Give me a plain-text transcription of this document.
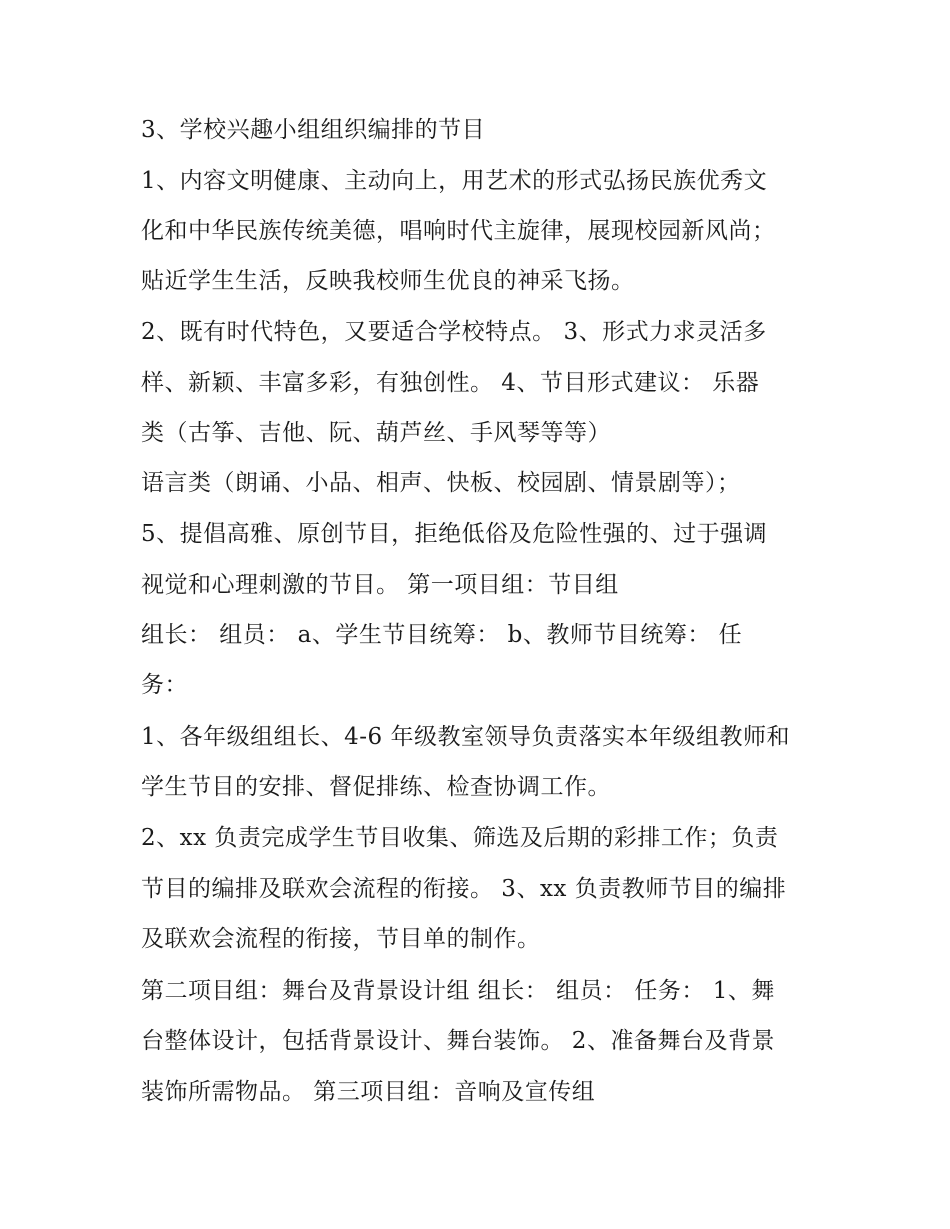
3、学校兴趣小组组织编排的节目
1、内容文明健康、主动向上，用艺术的形式弘扬民族优秀文
化和中华民族传统美德，唱响时代主旋律，展现校园新风尚；
贴近学生生活，反映我校师生优良的神采飞扬。
2、既有时代特色，又要适合学校特点。 3、形式力求灵活多
样、新颖、丰富多彩，有独创性。 4、节目形式建议： 乐器
类（古筝、吉他、阮、葫芦丝、手风琴等等）
语言类（朗诵、小品、相声、快板、校园剧、情景剧等）；
5、提倡高雅、原创节目，拒绝低俗及危险性强的、过于强调
视觉和心理刺激的节目。 第一项目组：节目组
组长： 组员： a、学生节目统筹： b、教师节目统筹： 任
务：
1、各年级组组长、4-6 年级教室领导负责落实本年级组教师和
学生节目的安排、督促排练、检查协调工作。
2、xx 负责完成学生节目收集、筛选及后期的彩排工作；负责
节目的编排及联欢会流程的衔接。 3、xx 负责教师节目的编排
及联欢会流程的衔接，节目单的制作。
第二项目组：舞台及背景设计组 组长： 组员： 任务： 1、舞
台整体设计，包括背景设计、舞台装饰。 2、准备舞台及背景
装饰所需物品。 第三项目组：音响及宣传组
